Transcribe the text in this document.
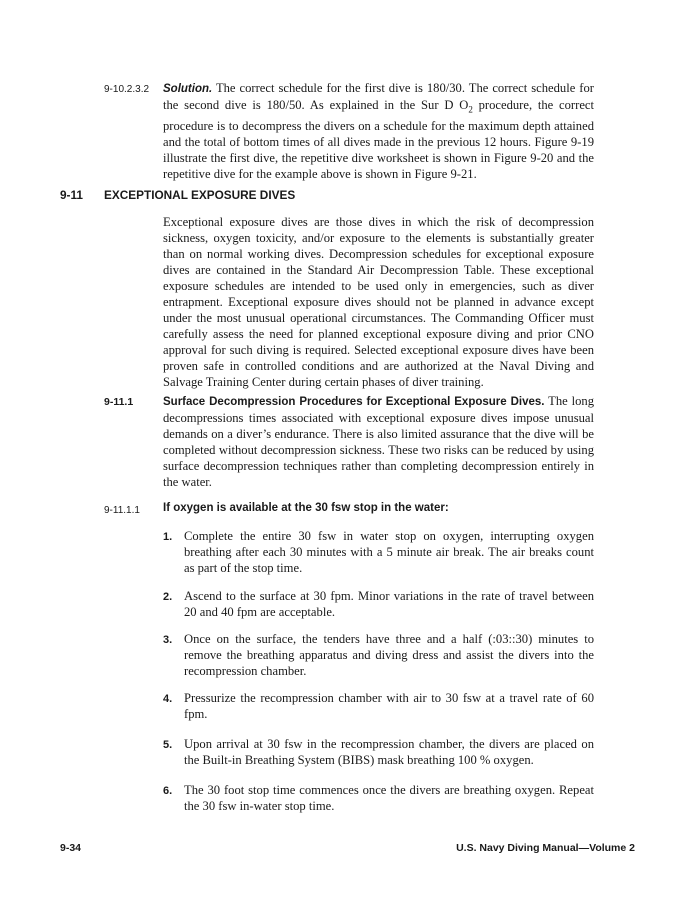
9-10.2.3.2 Solution. The correct schedule for the first dive is 180/30. The correct schedule for the second dive is 180/50. As explained in the Sur D $O_2$ procedure, the correct procedure is to decompress the divers on a schedule for the maximum depth attained and the total of bottom times of all dives made in the previous 12 hours. Figure 9-19 illustrate the first dive, the repetitive dive worksheet is shown in Figure 9-20 and the repetitive dive for the example above is shown in Figure 9-21.
9-11 EXCEPTIONAL EXPOSURE DIVES
Exceptional exposure dives are those dives in which the risk of decompression sickness, oxygen toxicity, and/or exposure to the elements is substantially greater than on normal working dives. Decompression schedules for exceptional exposure dives are contained in the Standard Air Decompression Table. These exceptional exposure schedules are intended to be used only in emergencies, such as diver entrapment. Exceptional exposure dives should not be planned in advance except under the most unusual operational circumstances. The Commanding Officer must carefully assess the need for planned exceptional exposure diving and prior CNO approval for such diving is required. Selected exceptional exposure dives have been proven safe in controlled conditions and are authorized at the Naval Diving and Salvage Training Center during certain phases of diver training.
9-11.1	Surface Decompression Procedures for Exceptional Exposure Dives. The long decompressions times associated with exceptional exposure dives impose unusual demands on a diver’s endurance. There is also limited assurance that the dive will be completed without decompression sickness. These two risks can be reduced by using surface decompression techniques rather than completing decompression entirely in the water.
9-11.1.1 If oxygen is available at the 30 fsw stop in the water:
1. Complete the entire 30 fsw in water stop on oxygen, interrupting oxygen breathing after each 30 minutes with a 5 minute air break. The air breaks count as part of the stop time.
2. Ascend to the surface at 30 fpm. Minor variations in the rate of travel between 20 and 40 fpm are acceptable.
3. Once on the surface, the tenders have three and a half (:03::30) minutes to remove the breathing apparatus and diving dress and assist the divers into the recompression chamber.
4. Pressurize the recompression chamber with air to 30 fsw at a travel rate of 60 fpm.
5. Upon arrival at 30 fsw in the recompression chamber, the divers are placed on the Built-in Breathing System (BIBS) mask breathing 100 % oxygen.
6. The 30 foot stop time commences once the divers are breathing oxygen. Repeat the 30 fsw in-water stop time.
9-34	U.S. Navy Diving Manual—Volume 2
